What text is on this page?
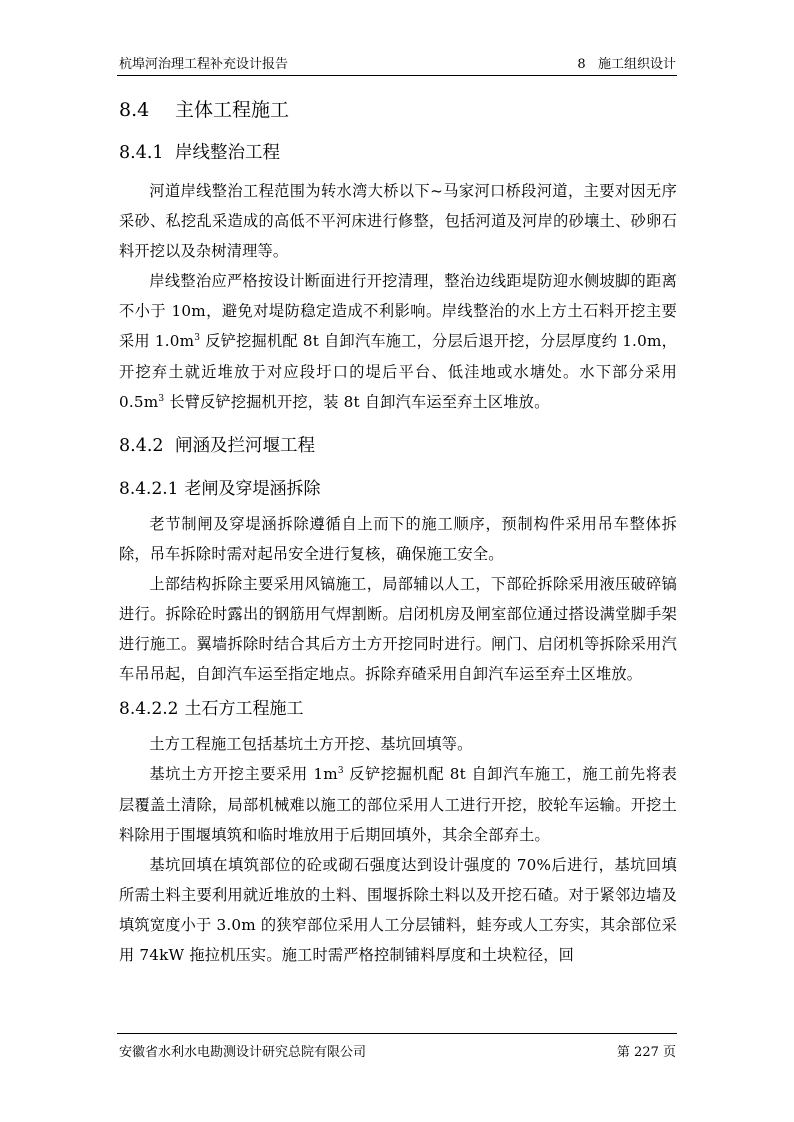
杭埠河治理工程补充设计报告	8   施工组织设计
8.4 主体工程施工
8.4.1 岸线整治工程

河道岸线整治工程范围为转水湾大桥以下~马家河口桥段河道，主要对因无序采砂、私挖乱采造成的高低不平河床进行修整，包括河道及河岸的砂壤土、砂卵石料开挖以及杂树清理等。

岸线整治应严格按设计断面进行开挖清理，整治边线距堤防迎水侧坡脚的距离不小于 10m，避免对堤防稳定造成不利影响。岸线整治的水上方土石料开挖主要采用 $1.0m^3$ 反铲挖掘机配 8t 自卸汽车施工，分层后退开挖，分层厚度约 1.0m，开挖弃土就近堆放于对应段圩口的堤后平台、低洼地或水塘处。水下部分采用 $0.5m^3$ 长臂反铲挖掘机开挖，装 8t 自卸汽车运至弃土区堆放。

8.4.2 闸涵及拦河堰工程
8.4.2.1 老闸及穿堤涵拆除

老节制闸及穿堤涵拆除遵循自上而下的施工顺序，预制构件采用吊车整体拆除，吊车拆除时需对起吊安全进行复核，确保施工安全。

上部结构拆除主要采用风镐施工，局部辅以人工，下部砼拆除采用液压破碎镐进行。拆除砼时露出的钢筋用气焊割断。启闭机房及闸室部位通过搭设满堂脚手架进行施工。翼墙拆除时结合其后方土方开挖同时进行。闸门、启闭机等拆除采用汽车吊吊起，自卸汽车运至指定地点。拆除弃碴采用自卸汽车运至弃土区堆放。

8.4.2.2 土石方工程施工

土方工程施工包括基坑土方开挖、基坑回填等。

基坑土方开挖主要采用 $1m^3$ 反铲挖掘机配 8t 自卸汽车施工，施工前先将表层覆盖土清除，局部机械难以施工的部位采用人工进行开挖，胶轮车运输。开挖土料除用于围堰填筑和临时堆放用于后期回填外，其余全部弃土。

基坑回填在填筑部位的砼或砌石强度达到设计强度的 70%后进行，基坑回填所需土料主要利用就近堆放的土料、围堰拆除土料以及开挖石碴。对于紧邻边墙及填筑宽度小于 3.0m 的狭窄部位采用人工分层铺料，蛙夯或人工夯实，其余部位采用 74kW 拖拉机压实。施工时需严格控制铺料厚度和土块粒径，回

安徽省水利水电勘测设计研究总院有限公司	第 227 页
